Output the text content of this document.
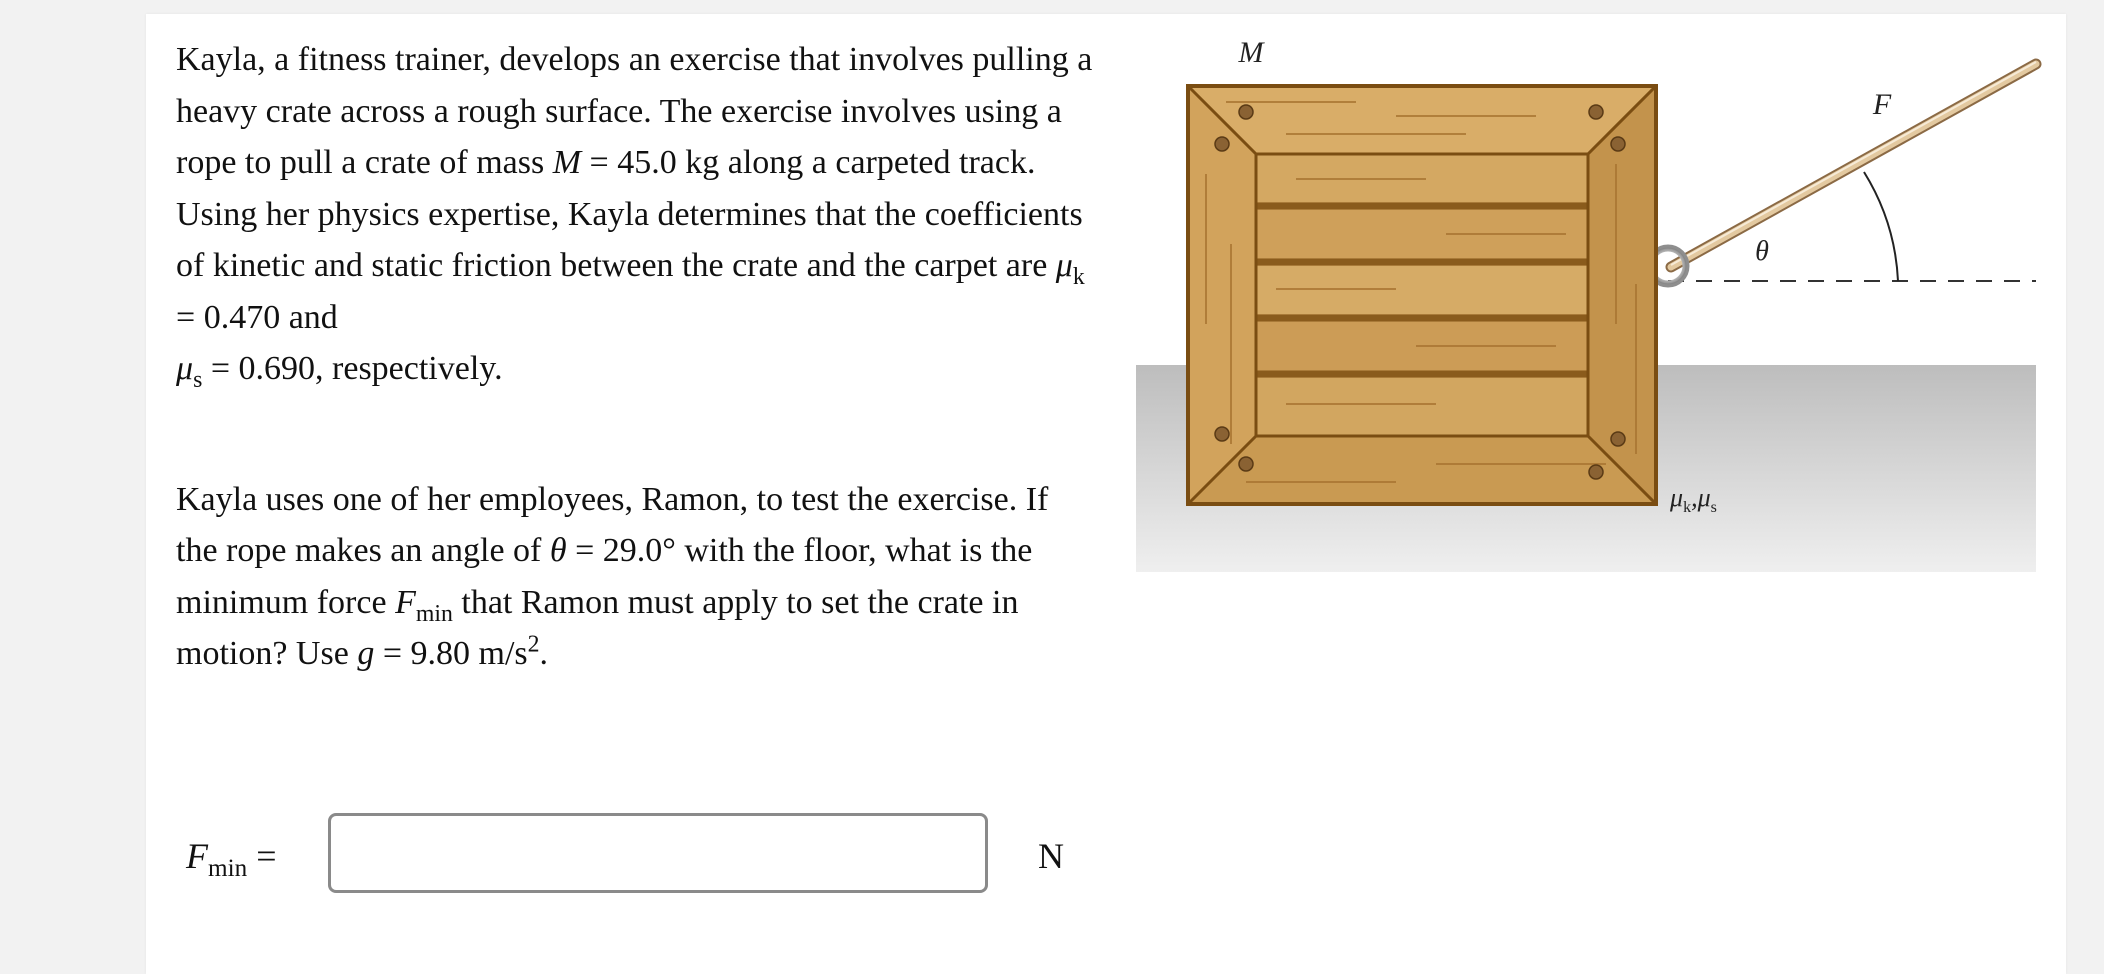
Kayla, a fitness trainer, develops an exercise that involves pulling a heavy crate across a rough surface. The exercise involves using a rope to pull a crate of mass M = 45.0 kg along a carpeted track. Using her physics expertise, Kayla determines that the coefficients of kinetic and static friction between the crate and the carpet are $\mu_k = 0.470$ and
$\mu_s = 0.690$, respectively.

Kayla uses one of her employees, Ramon, to test the exercise. If the rope makes an angle of θ = 29.0° with the floor, what is the minimum force $F_{min}$ that Ramon must apply to set the crate in motion? Use g = 9.80 $m/s^2$.

$F_{min}$ =	N
M
F
θ
$\mu_k,\mu_s$
